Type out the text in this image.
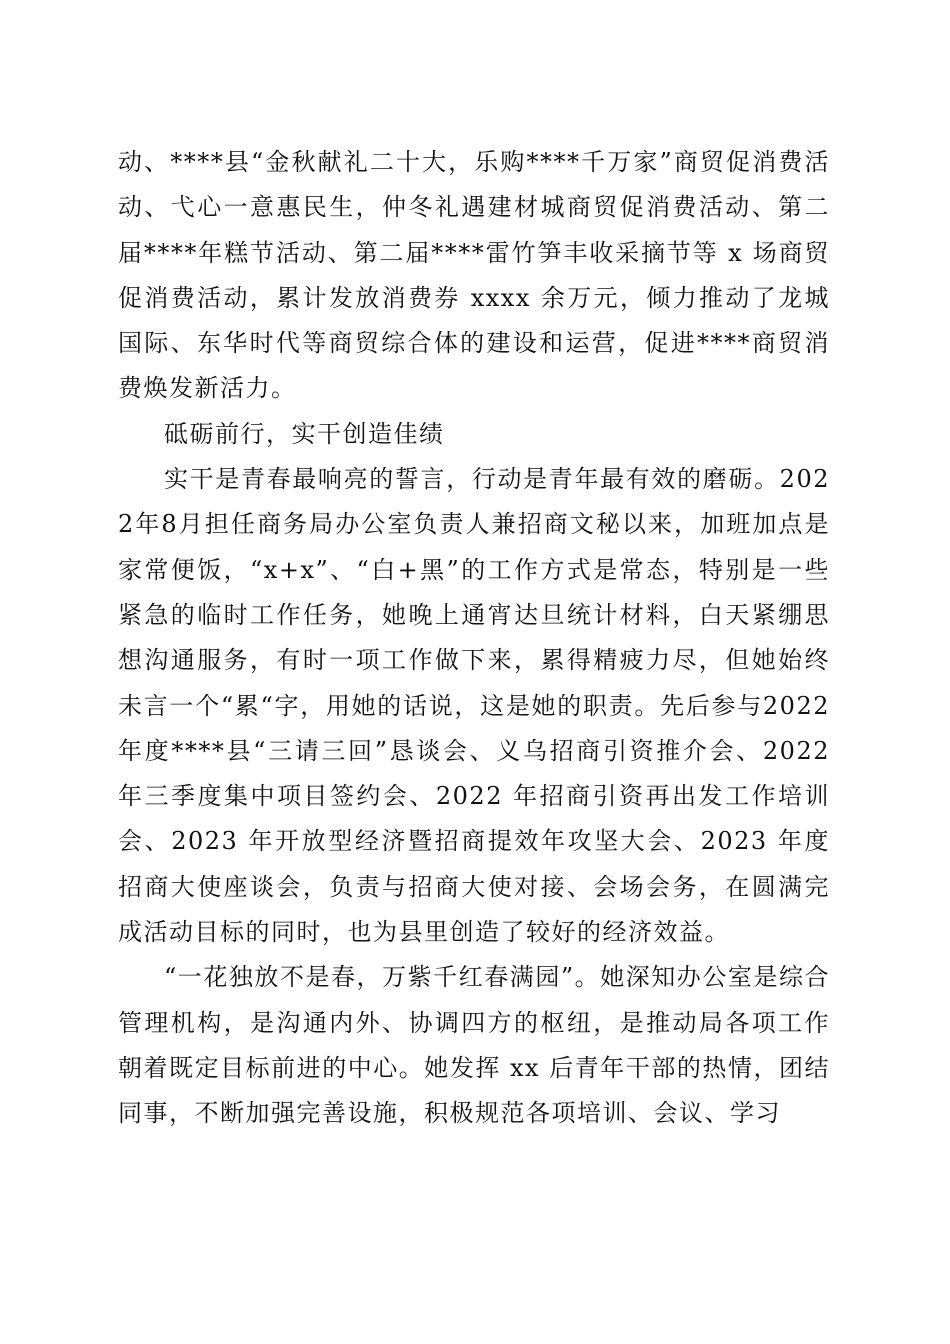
动、****县“金秋献礼二十大，乐购****千万家”商贸促消费活动、弋心一意惠民生，仲冬礼遇建材城商贸促消费活动、第二届****年糕节活动、第二届****雷竹笋丰收采摘节等 x 场商贸促消费活动，累计发放消费券 xxxx 余万元，倾力推动了龙城国际、东华时代等商贸综合体的建设和运营，促进****商贸消费焕发新活力。

砥砺前行，实干创造佳绩

实干是青春最响亮的誓言，行动是青年最有效的磨砺。2022年8月担任商务局办公室负责人兼招商文秘以来，加班加点是家常便饭，“x+x”、“白+黑”的工作方式是常态，特别是一些紧急的临时工作任务，她晚上通宵达旦统计材料，白天紧绷思想沟通服务，有时一项工作做下来，累得精疲力尽，但她始终未言一个“累“字，用她的话说，这是她的职责。先后参与2022 年度****县“三请三回”恳谈会、义乌招商引资推介会、2022 年三季度集中项目签约会、2022 年招商引资再出发工作培训会、2023 年开放型经济暨招商提效年攻坚大会、2023 年度招商大使座谈会，负责与招商大使对接、会场会务，在圆满完成活动目标的同时，也为县里创造了较好的经济效益。

“一花独放不是春，万紫千红春满园”。她深知办公室是综合管理机构，是沟通内外、协调四方的枢纽，是推动局各项工作朝着既定目标前进的中心。她发挥 xx 后青年干部的热情，团结同事，不断加强完善设施，积极规范各项培训、会议、学习
